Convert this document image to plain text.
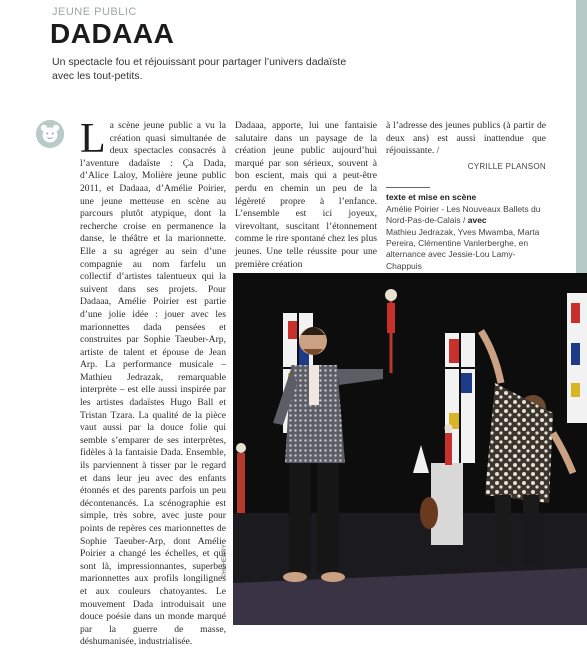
JEUNE PUBLIC
DADAAA
Un spectacle fou et réjouissant pour partager l’univers dadaïste avec les tout-petits.
La scène jeune public a vu la création quasi simultanée de deux spectacles consacrés à l’aventure dadaïste : Ça Dada, d’Alice Laloy, Molière jeune public 2011, et Dadaaa, d’Amélie Poirier, une jeune metteuse en scène au parcours plutôt atypique, dont la recherche croise en permanence la danse, le théâtre et la marionnette. Elle a su agréger au sein d’une compagnie au nom farfelu un collectif d’artistes talentueux qui la suivent dans ses projets. Pour Dadaaa, Amélie Poirier est partie d’une jolie idée : jouer avec les marionnettes dada pensées et construites par Sophie Taeuber-Arp, artiste de talent et épouse de Jean Arp. La performance musicale – Mathieu Jedrazak, remarquable interprète – est elle aussi inspirée par les artistes dadaïstes Hugo Ball et Tristan Tzara. La qualité de la pièce vaut aussi par la douce folie qui semble s’emparer de ses interprètes, fidèles à la fantaisie Dada. Ensemble, ils parviennent à tisser par le regard et dans leur jeu avec des enfants étonnés et des parents parfois un peu décontenancés. La scénographie est simple, très sobre, avec juste pour points de repères ces marionnettes de Sophie Taeuber-Arp, dont Amélie Poirier a changé les échelles, et qui sont là, impressionnantes, superbes marionnettes aux profils longilignes et aux couleurs chatoyantes. Le mouvement Dada introduisait une douce poésie dans un monde marqué par la guerre de masse, déshumanisée, industrialisée.
Dadaaa, apporte, lui une fantaisie salutaire dans un paysage de la création jeune public aujourd’hui marqué par son sérieux, souvent à bon escient, mais qui a peut-être perdu en chemin un peu de la légèreté propre à l’enfance. L’ensemble est ici joyeux, virevoltant, suscitant l’étonnement comme le rire spontané chez les plus jeunes. Une telle réussite pour une première création
à l’adresse des jeunes publics (à partir de deux ans) est aussi inattendue que réjouissante. /
CYRILLE PLANSON
texte et mise en scène
Amélie Poirier - Les Nouveaux Ballets du Nord-Pas-de-Calais / avec
Mathieu Jedrazak, Yves Mwamba, Marta Pereira, Clémentine Vanlerberghe, en alternance avec Jessie-Lou Lamy-Chappuis
©HEHENRY
